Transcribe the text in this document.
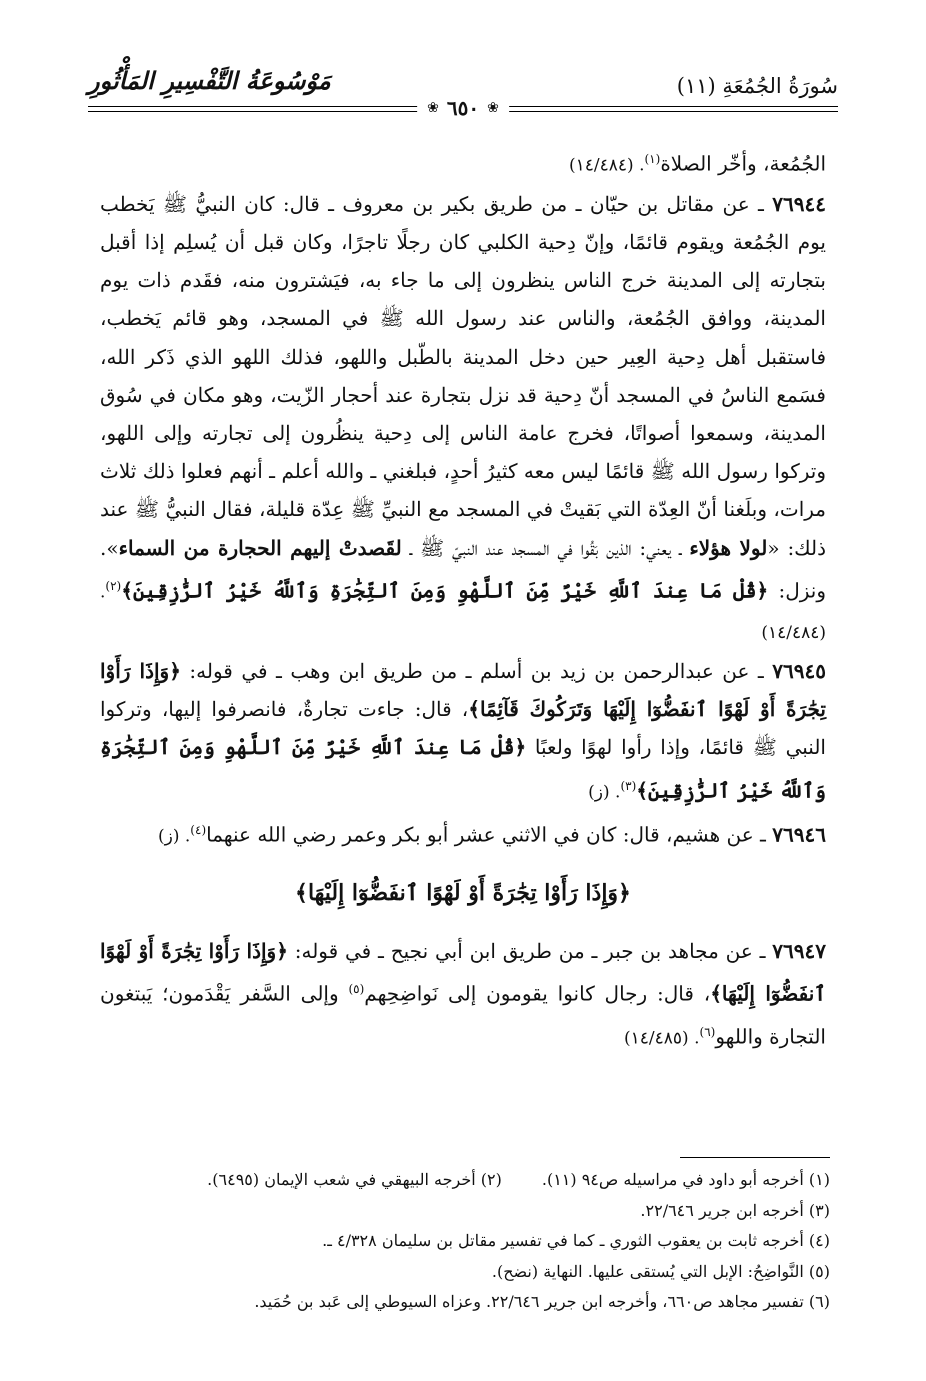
مَوْسُوعَةُ التَّفْسِيرِ المَأْثُورِ	سُورَةُ الجُمُعَةِ (١١)
❀
٦٥٠
❀

الجُمُعة، وأخّر الصلاة$^{(١)}$. (١٤/٤٨٤)

٧٦٩٤٤ ـ عن مقاتل بن حيّان ـ من طريق بكير بن معروف ـ قال: كان النبيُّ ﷺ يَخطب يوم الجُمُعة ويقوم قائمًا، وإنّ دِحية الكلبي كان رجلًا تاجرًا، وكان قبل أن يُسلِم إذا أقبل بتجارته إلى المدينة خرج الناس ينظرون إلى ما جاء به، فيَشترون منه، فقَدم ذات يوم المدينة، ووافق الجُمُعة، والناس عند رسول الله ﷺ في المسجد، وهو قائم يَخطب، فاستقبل أهل دِحية العِير حين دخل المدينة بالطّبل واللهو، فذلك اللهو الذي ذَكر الله، فسَمع الناسُ في المسجد أنّ دِحية قد نزل بتجارة عند أحجار الزّيت، وهو مكان في سُوق المدينة، وسمعوا أصواتًا، فخرج عامة الناس إلى دِحية ينظُرون إلى تجارته وإلى اللهو، وتركوا رسول الله ﷺ قائمًا ليس معه كثيرُ أحدٍ، فبلغني ـ والله أعلم ـ أنهم فعلوا ذلك ثلاث مرات، وبلَغنا أنّ العِدّة التي بَقيتْ في المسجد مع النبيِّ ﷺ عِدّة قليلة، فقال النبيُّ ﷺ عند ذلك: «لولا هؤلاء ـ يعني: الذين بَقُوا في المسجد عند النبيّ ﷺ ـ لقَصدتْ إليهم الحجارة من السماء». ونزل: ﴿قُلْ مَا عِندَ ٱللَّهِ خَيْرٌ مِّنَ ٱللَّهْوِ وَمِنَ ٱلتِّجَٰرَةِ وَٱللَّهُ خَيْرُ ٱلرَّٰزِقِينَ﴾$^{(٢)}$. (١٤/٤٨٤)

٧٦٩٤٥ ـ عن عبدالرحمن بن زيد بن أسلم ـ من طريق ابن وهب ـ في قوله: ﴿وَإِذَا رَأَوْا تِجَٰرَةً أَوْ لَهْوًا ٱنفَضُّوٓا إِلَيْهَا وَتَرَكُوكَ قَآئِمًا﴾، قال: جاءت تجارةٌ، فانصرفوا إليها، وتركوا النبي ﷺ قائمًا، وإذا رأوا لهوًا ولعبًا ﴿قُلْ مَا عِندَ ٱللَّهِ خَيْرٌ مِّنَ ٱللَّهْوِ وَمِنَ ٱلتِّجَٰرَةِ وَٱللَّهُ خَيْرُ ٱلرَّٰزِقِينَ﴾$^{(٣)}$. (ز)

٧٦٩٤٦ ـ عن هشيم، قال: كان في الاثني عشر أبو بكر وعمر رضي الله عنهما$^{(٤)}$. (ز)

﴿وَإِذَا رَأَوْا تِجَٰرَةً أَوْ لَهْوًا ٱنفَضُّوٓا إِلَيْهَا﴾

٧٦٩٤٧ ـ عن مجاهد بن جبر ـ من طريق ابن أبي نجيح ـ في قوله: ﴿وَإِذَا رَأَوْا تِجَٰرَةً أَوْ لَهْوًا ٱنفَضُّوٓا إِلَيْهَا﴾، قال: رجال كانوا يقومون إلى نَواضِحِهم$^{(٥)}$ وإلى السَّفر يَقْدَمون؛ يَبتغون التجارة واللهو$^{(٦)}$. (١٤/٤٨٥)

(١) أخرجه أبو داود في مراسيله ص٩٤ (١١).
(٢) أخرجه البيهقي في شعب الإيمان (٦٤٩٥).
(٣) أخرجه ابن جرير ٢٢/٦٤٦.
(٤) أخرجه ثابت بن يعقوب الثوري ـ كما في تفسير مقاتل بن سليمان ٤/٣٢٨ ـ.
(٥) النَّواضِحُ: الإبل التي يُستقى عليها. النهاية (نضح).
(٦) تفسير مجاهد ص٦٦٠، وأخرجه ابن جرير ٢٢/٦٤٦. وعزاه السيوطي إلى عَبد بن حُمَيد.
